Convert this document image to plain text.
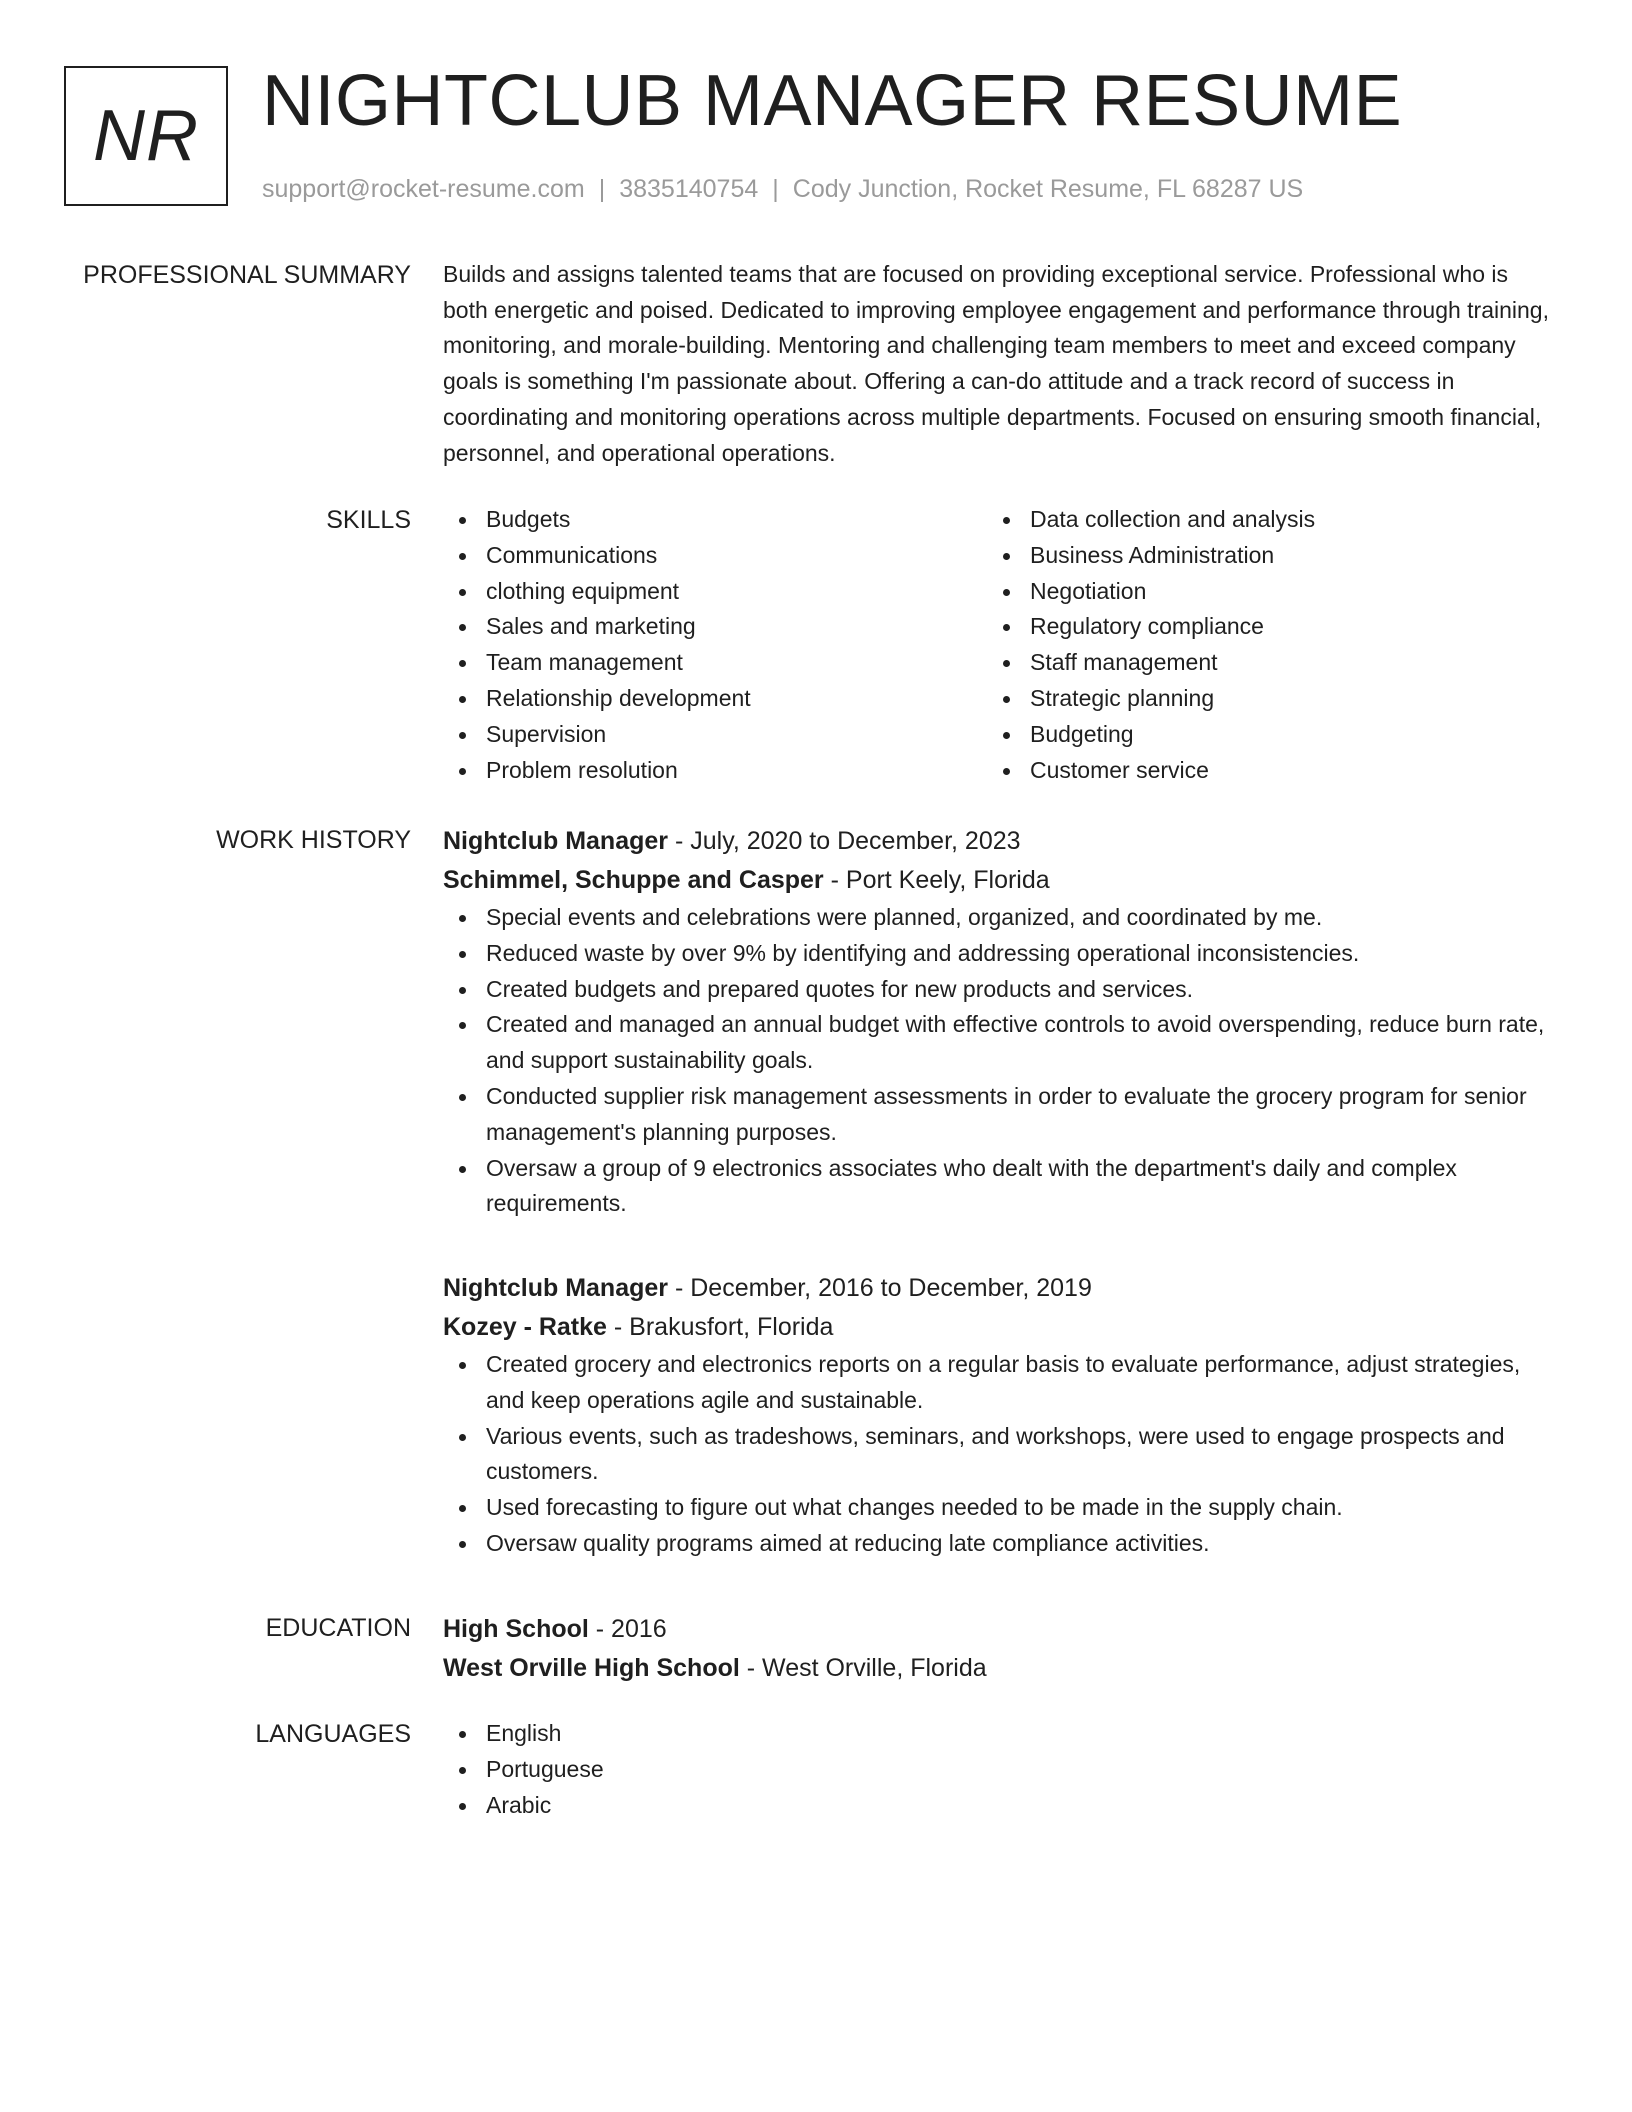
NR NIGHTCLUB MANAGER RESUME
support@rocket-resume.com | 3835140754 | Cody Junction, Rocket Resume, FL 68287 US
PROFESSIONAL SUMMARY Builds and assigns talented teams that are focused on providing exceptional service. Professional who is both energetic and poised. Dedicated to improving employee engagement and performance through training, monitoring, and morale-building. Mentoring and challenging team members to meet and exceed company goals is something I'm passionate about. Offering a can-do attitude and a track record of success in coordinating and monitoring operations across multiple departments. Focused on ensuring smooth financial, personnel, and operational operations.

SKILLS	Budgets
Communications
clothing equipment
Sales and marketing
Team management
Relationship development
Supervision
Problem resolution
Data collection and analysis
Business Administration
Negotiation
Regulatory compliance
Staff management
Strategic planning
Budgeting
Customer service
WORK HISTORY Nightclub Manager - July, 2020 to December, 2023
Schimmel, Schuppe and Casper - Port Keely, Florida
Special events and celebrations were planned, organized, and coordinated by me.
Reduced waste by over 9% by identifying and addressing operational inconsistencies.
Created budgets and prepared quotes for new products and services.
Created and managed an annual budget with effective controls to avoid overspending, reduce burn rate, and support sustainability goals.
Conducted supplier risk management assessments in order to evaluate the grocery program for senior management's planning purposes.
Oversaw a group of 9 electronics associates who dealt with the department's daily and complex requirements.
Nightclub Manager - December, 2016 to December, 2019
Kozey - Ratke - Brakusfort, Florida
Created grocery and electronics reports on a regular basis to evaluate performance, adjust strategies, and keep operations agile and sustainable.
Various events, such as tradeshows, seminars, and workshops, were used to engage prospects and customers.
Used forecasting to figure out what changes needed to be made in the supply chain.
Oversaw quality programs aimed at reducing late compliance activities.
EDUCATION High School - 2016
West Orville High School - West Orville, Florida
LANGUAGES	English
Portuguese
Arabic
